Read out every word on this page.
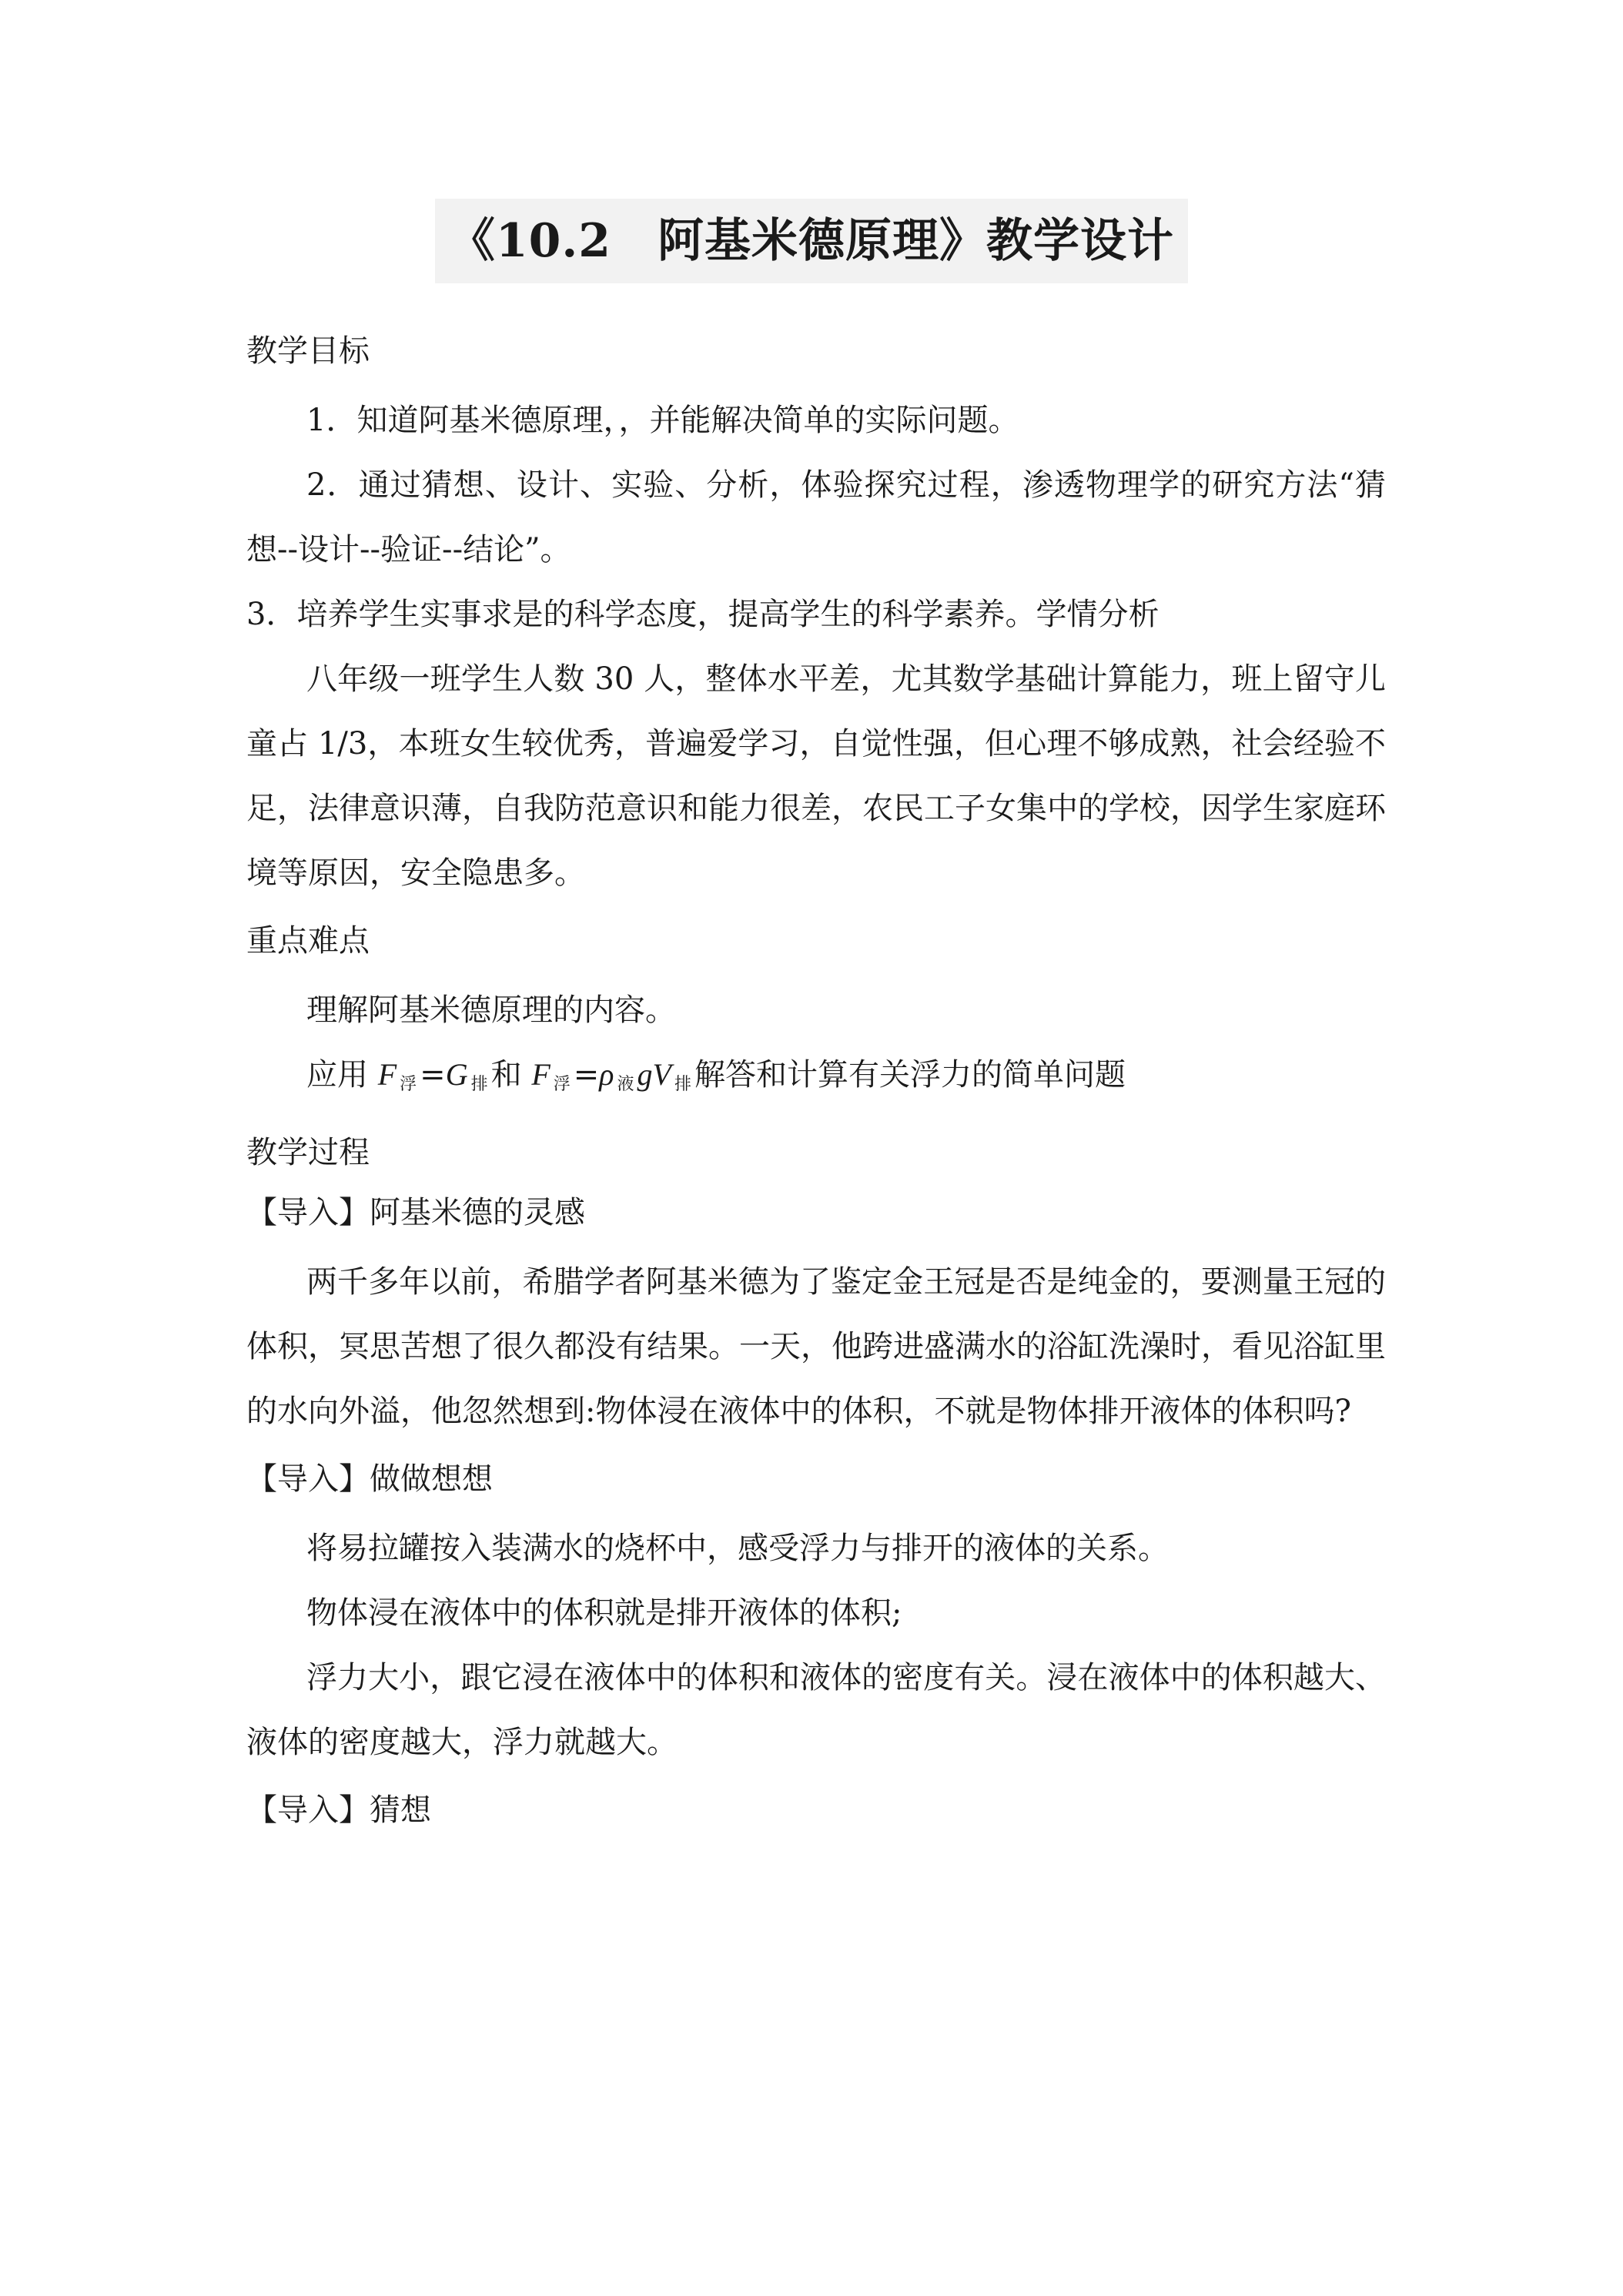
《10.2 阿基米德原理》教学设计
教学目标

1．知道阿基米德原理，，并能解决简单的实际问题。

2．通过猜想、设计、实验、分析，体验探究过程，渗透物理学的研究方法“猜想--设计--验证--结论”。

3．培养学生实事求是的科学态度，提高学生的科学素养。学情分析

八年级一班学生人数 30 人，整体水平差，尤其数学基础计算能力，班上留守儿童占 1/3，本班女生较优秀，普遍爱学习，自觉性强，但心理不够成熟，社会经验不足，法律意识薄，自我防范意识和能力很差，农民工子女集中的学校，因学生家庭环境等原因，安全隐患多。

重点难点

理解阿基米德原理的内容。

应用 F $_浮$ =G $_排$ 和 F $_浮$ =ρ $_液$ gV $_排$ 解答和计算有关浮力的简单问题

教学过程
【导入】阿基米德的灵感

两千多年以前，希腊学者阿基米德为了鉴定金王冠是否是纯金的，要测量王冠的体积，冥思苦想了很久都没有结果。一天，他跨进盛满水的浴缸洗澡时，看见浴缸里的水向外溢，他忽然想到:物体浸在液体中的体积，不就是物体排开液体的体积吗?

【导入】做做想想

将易拉罐按入装满水的烧杯中，感受浮力与排开的液体的关系。

物体浸在液体中的体积就是排开液体的体积;

浮力大小，跟它浸在液体中的体积和液体的密度有关。浸在液体中的体积越大、液体的密度越大，浮力就越大。

【导入】猜想
